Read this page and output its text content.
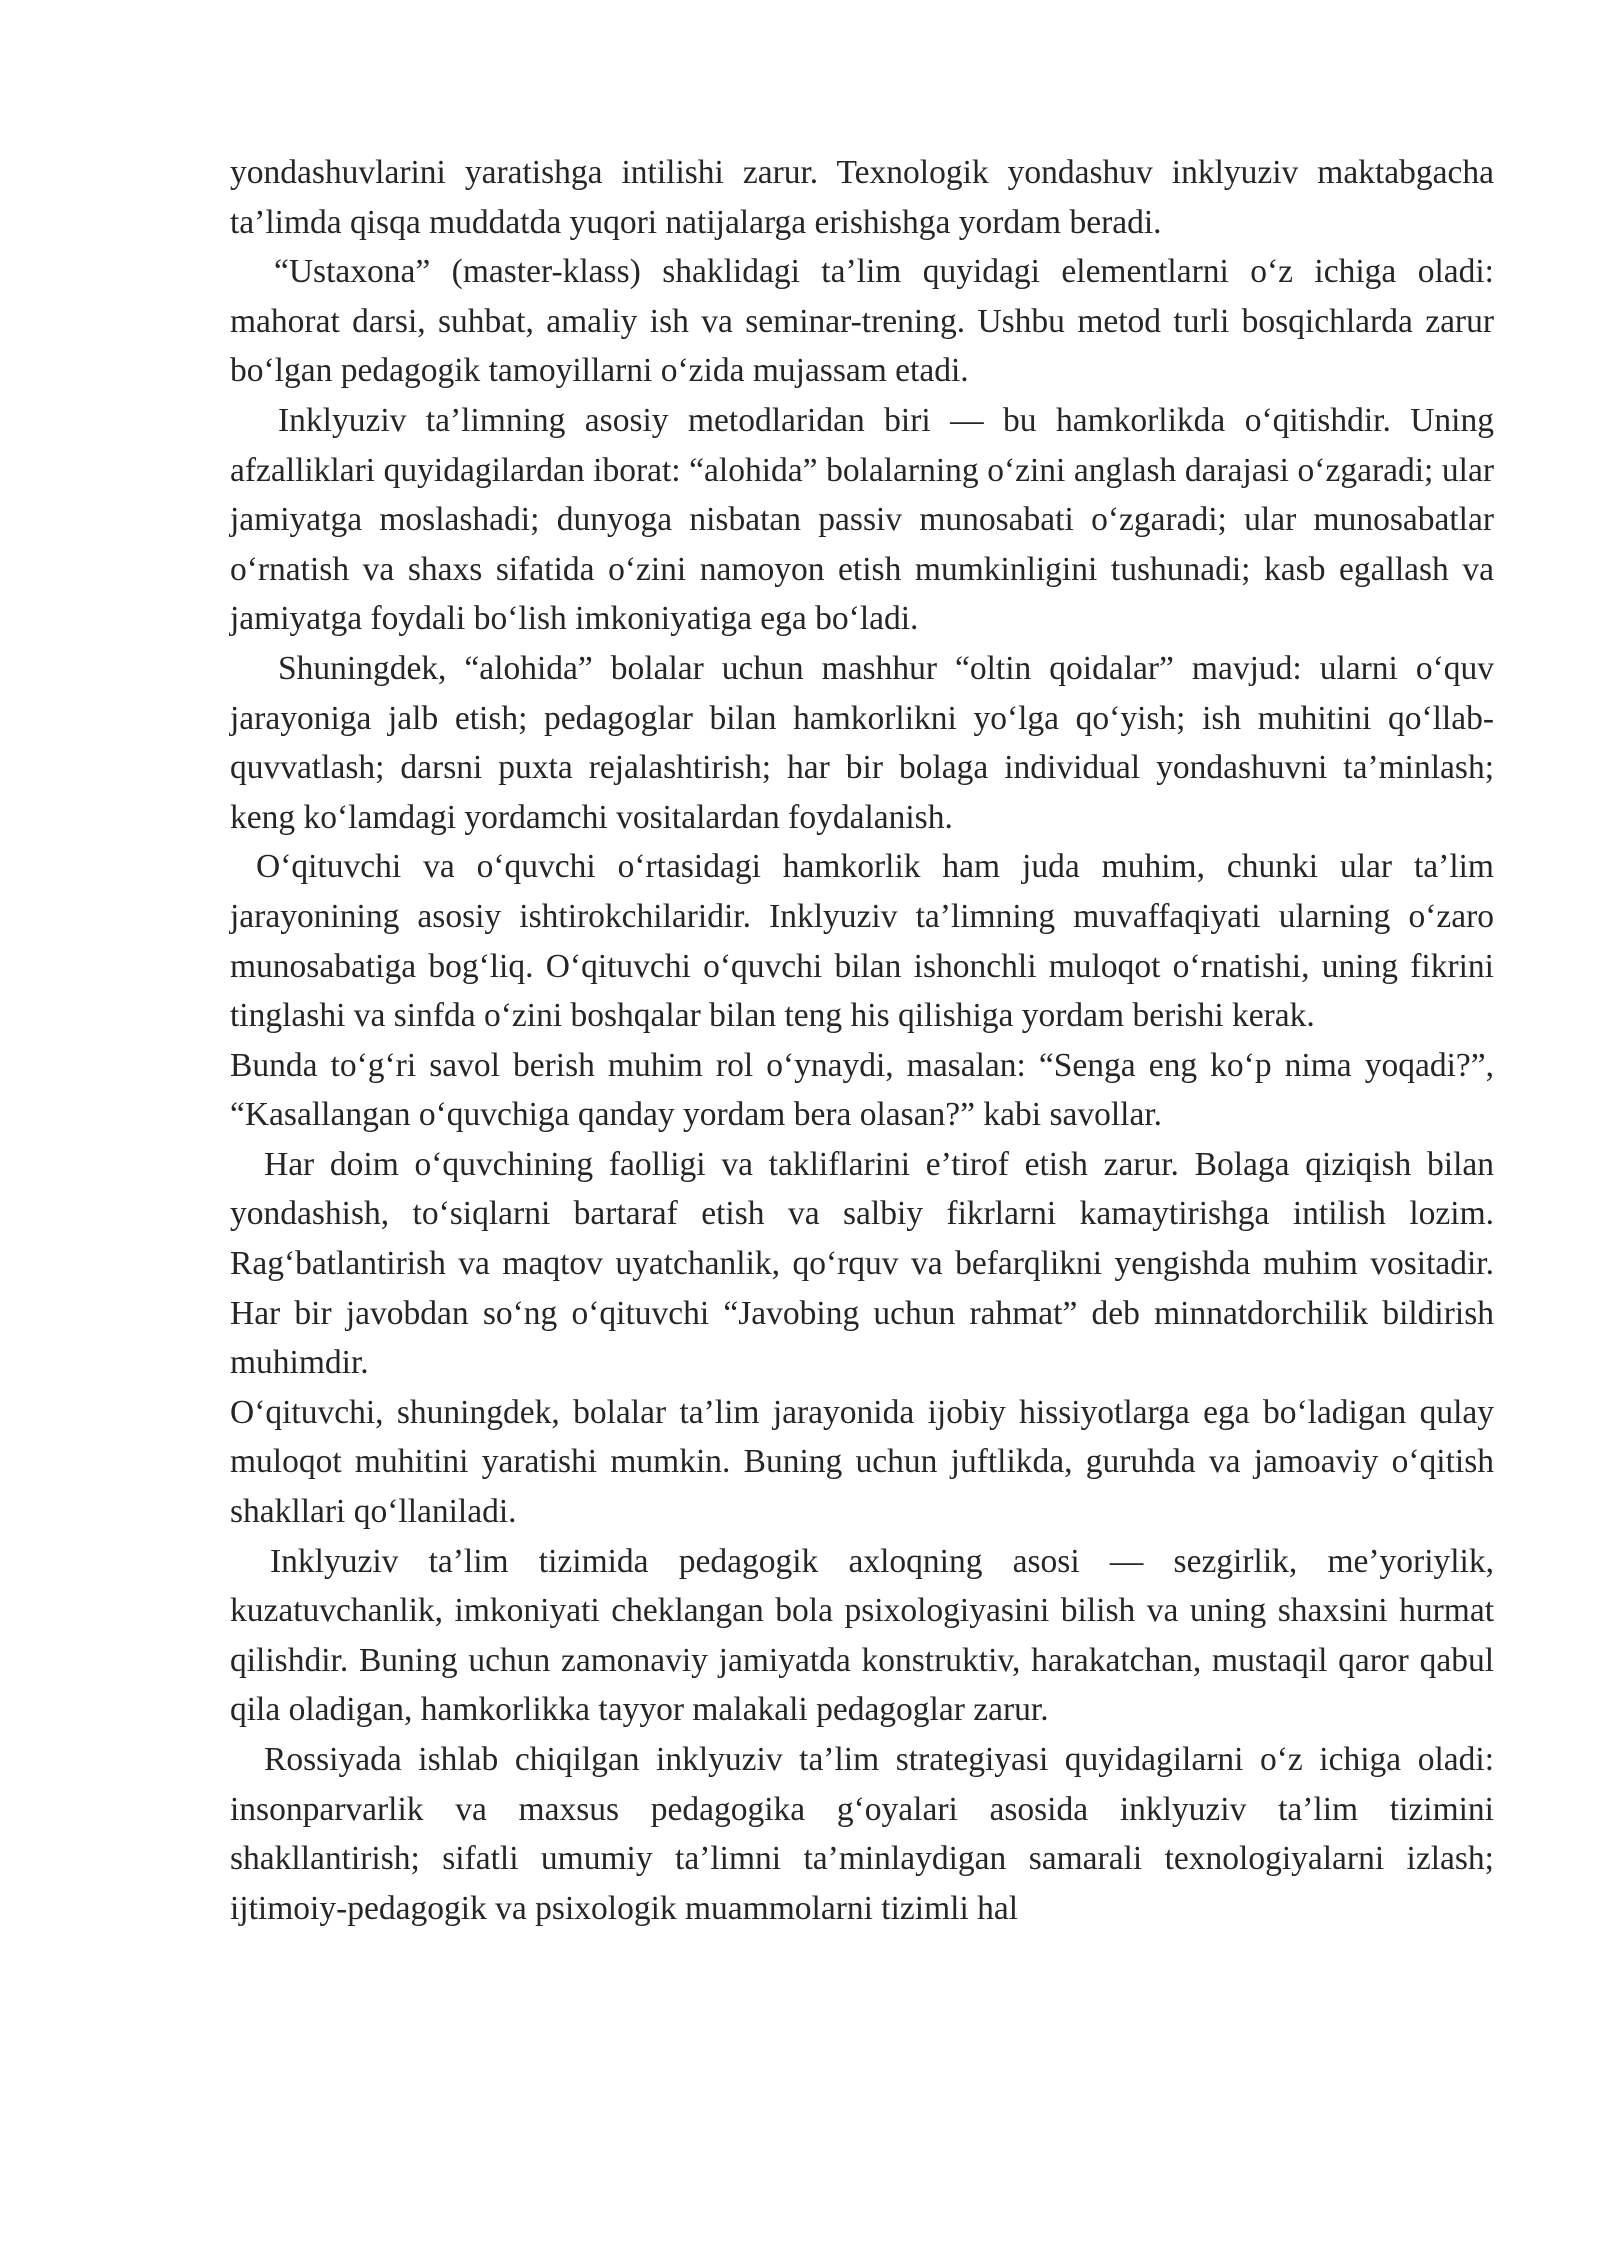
yondashuvlarini yaratishga intilishi zarur. Texnologik yondashuv inklyuziv maktabgacha ta’limda qisqa muddatda yuqori natijalarga erishishga yordam beradi.

“Ustaxona” (master-klass) shaklidagi ta’lim quyidagi elementlarni o‘z ichiga oladi: mahorat darsi, suhbat, amaliy ish va seminar-trening. Ushbu metod turli bosqichlarda zarur bo‘lgan pedagogik tamoyillarni o‘zida mujassam etadi.

Inklyuziv ta’limning asosiy metodlaridan biri — bu hamkorlikda o‘qitishdir. Uning afzalliklari quyidagilardan iborat: “alohida” bolalarning o‘zini anglash darajasi o‘zgaradi; ular jamiyatga moslashadi; dunyoga nisbatan passiv munosabati o‘zgaradi; ular munosabatlar o‘rnatish va shaxs sifatida o‘zini namoyon etish mumkinligini tushunadi; kasb egallash va jamiyatga foydali bo‘lish imkoniyatiga ega bo‘ladi.

Shuningdek, “alohida” bolalar uchun mashhur “oltin qoidalar” mavjud: ularni o‘quv jarayoniga jalb etish; pedagoglar bilan hamkorlikni yo‘lga qo‘yish; ish muhitini qo‘llab-quvvatlash; darsni puxta rejalashtirish; har bir bolaga individual yondashuvni ta’minlash; keng ko‘lamdagi yordamchi vositalardan foydalanish.

O‘qituvchi va o‘quvchi o‘rtasidagi hamkorlik ham juda muhim, chunki ular ta’lim jarayonining asosiy ishtirokchilaridir. Inklyuziv ta’limning muvaffaqiyati ularning o‘zaro munosabatiga bog‘liq. O‘qituvchi o‘quvchi bilan ishonchli muloqot o‘rnatishi, uning fikrini tinglashi va sinfda o‘zini boshqalar bilan teng his qilishiga yordam berishi kerak.

Bunda to‘g‘ri savol berish muhim rol o‘ynaydi, masalan: “Senga eng ko‘p nima yoqadi?”, “Kasallangan o‘quvchiga qanday yordam bera olasan?” kabi savollar.

Har doim o‘quvchining faolligi va takliflarini e’tirof etish zarur. Bolaga qiziqish bilan yondashish, to‘siqlarni bartaraf etish va salbiy fikrlarni kamaytirishga intilish lozim. Rag‘batlantirish va maqtov uyatchanlik, qo‘rquv va befarqlikni yengishda muhim vositadir. Har bir javobdan so‘ng o‘qituvchi “Javobing uchun rahmat” deb minnatdorchilik bildirish muhimdir.

O‘qituvchi, shuningdek, bolalar ta’lim jarayonida ijobiy hissiyotlarga ega bo‘ladigan qulay muloqot muhitini yaratishi mumkin. Buning uchun juftlikda, guruhda va jamoaviy o‘qitish shakllari qo‘llaniladi.

Inklyuziv ta’lim tizimida pedagogik axloqning asosi — sezgirlik, me’yoriylik, kuzatuvchanlik, imkoniyati cheklangan bola psixologiyasini bilish va uning shaxsini hurmat qilishdir. Buning uchun zamonaviy jamiyatda konstruktiv, harakatchan, mustaqil qaror qabul qila oladigan, hamkorlikka tayyor malakali pedagoglar zarur.

Rossiyada ishlab chiqilgan inklyuziv ta’lim strategiyasi quyidagilarni o‘z ichiga oladi: insonparvarlik va maxsus pedagogika g‘oyalari asosida inklyuziv ta’lim tizimini shakllantirish; sifatli umumiy ta’limni ta’minlaydigan samarali texnologiyalarni izlash; ijtimoiy-pedagogik va psixologik muammolarni tizimli hal
